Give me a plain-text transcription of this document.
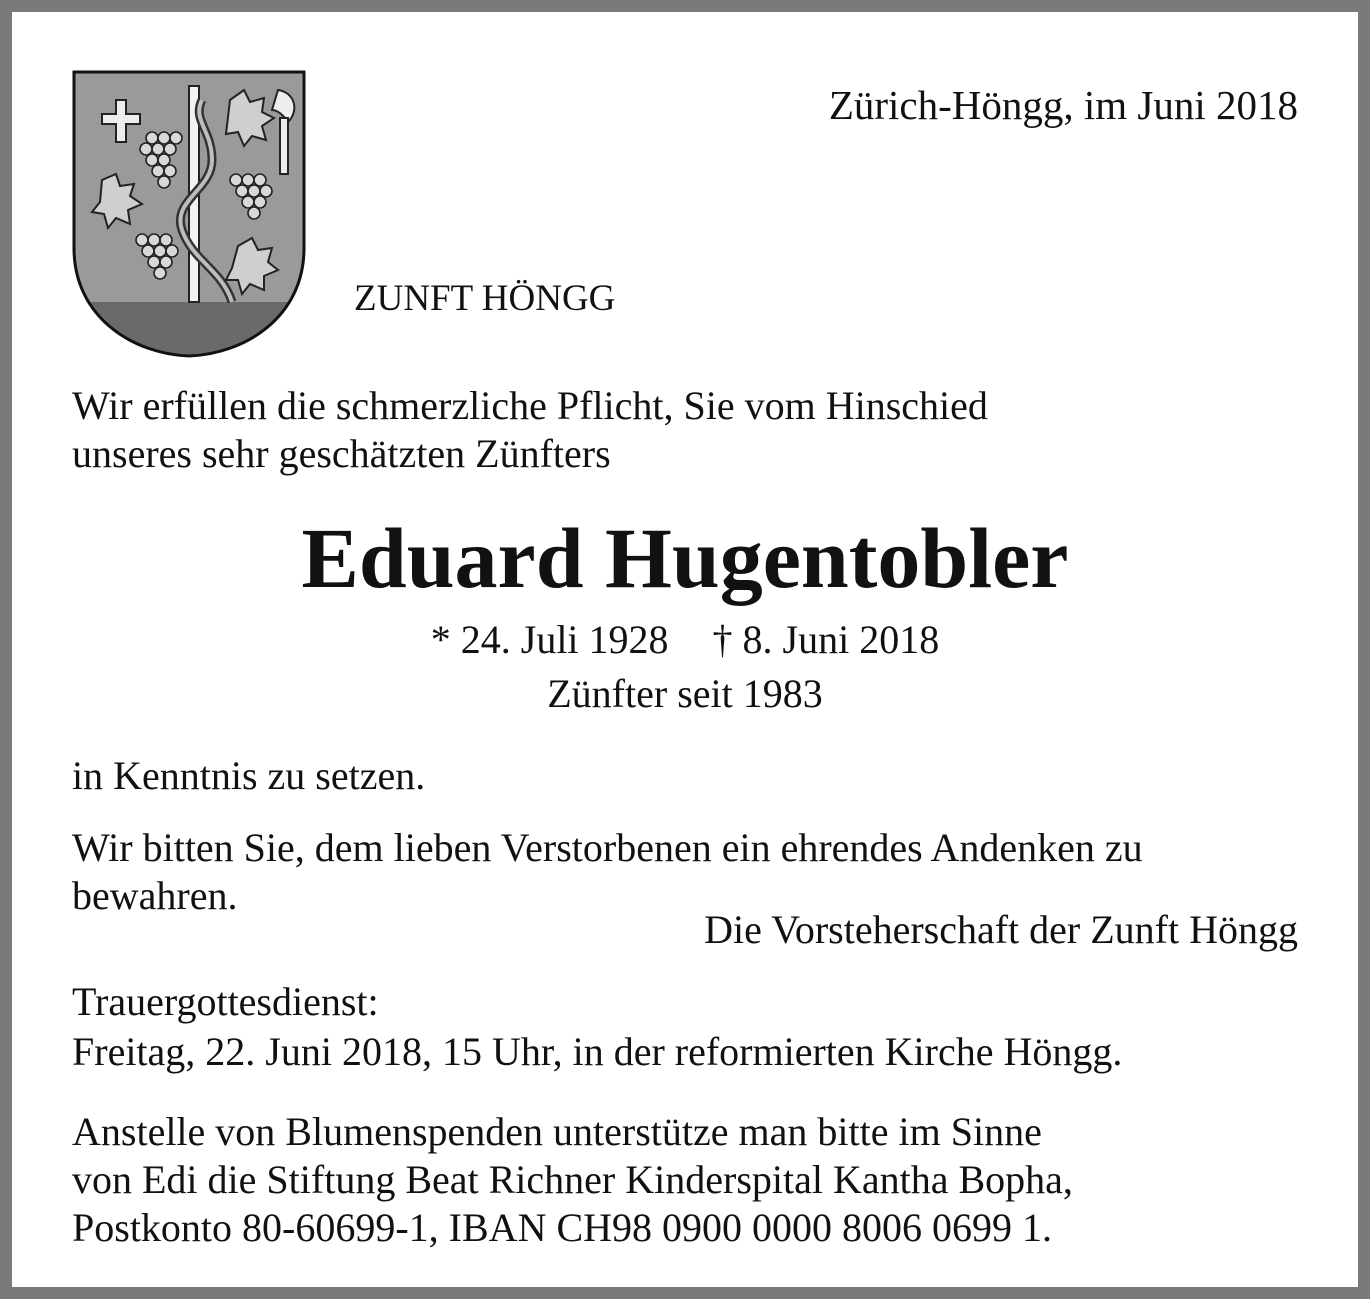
Zürich-Höngg, im Juni 2018
ZUNFT HÖNGG
Wir erfüllen die schmerzliche Pflicht, Sie vom Hinschied
unseres sehr geschätzten Zünfters
Eduard Hugentobler
* 24. Juli 1928 † 8. Juni 2018
Zünfter seit 1983
in Kenntnis zu setzen.
Wir bitten Sie, dem lieben Verstorbenen ein ehrendes Andenken zu
bewahren.
Die Vorsteherschaft der Zunft Höngg
Trauergottesdienst:
Freitag, 22. Juni 2018, 15 Uhr, in der reformierten Kirche Höngg.
Anstelle von Blumenspenden unterstütze man bitte im Sinne
von Edi die Stiftung Beat Richner Kinderspital Kantha Bopha,
Postkonto 80-60699-1, IBAN CH98 0900 0000 8006 0699 1.
